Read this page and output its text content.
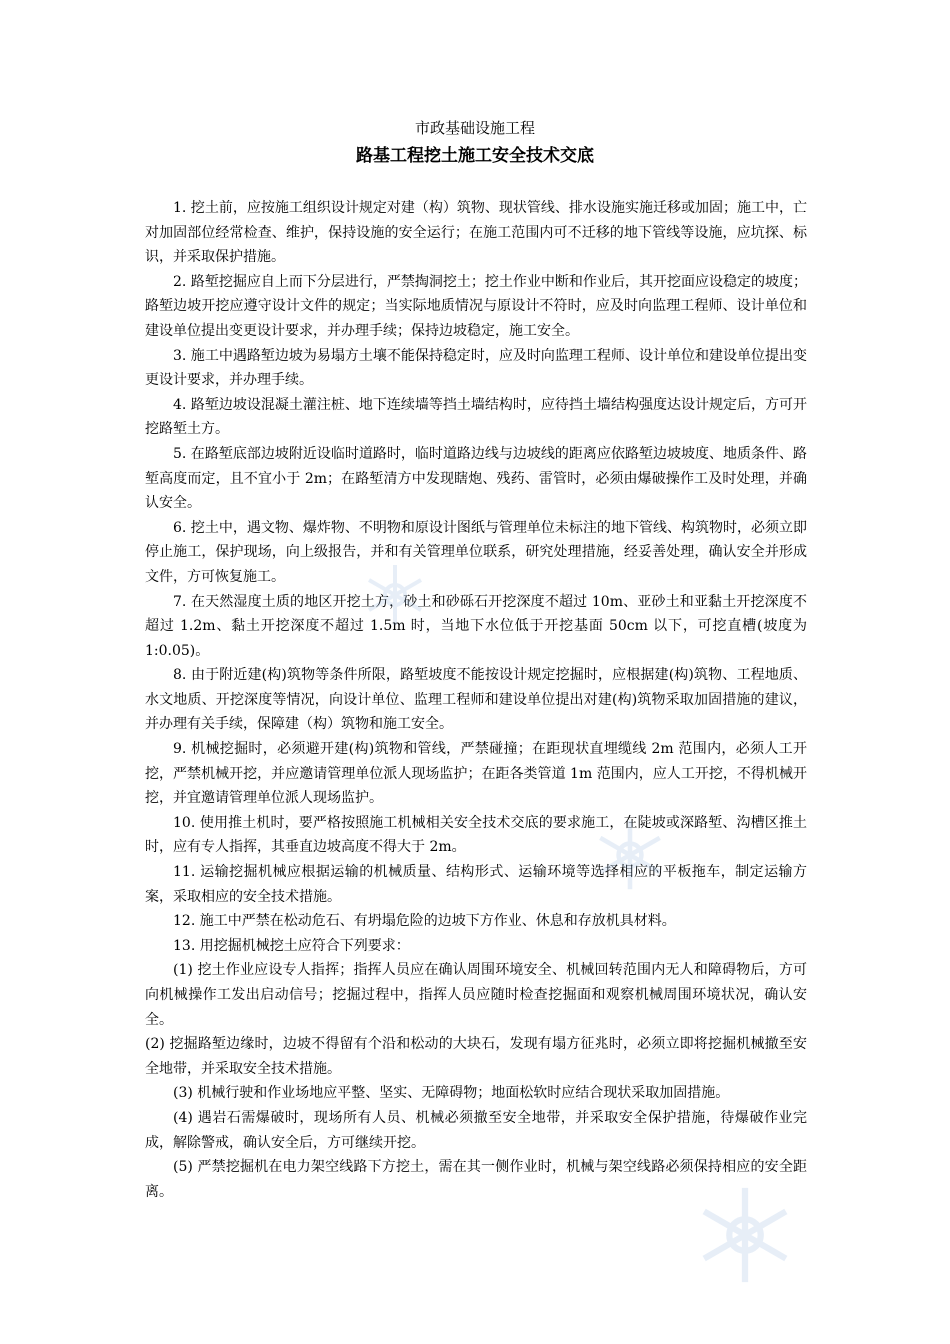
市政基础设施工程
路基工程挖土施工安全技术交底

1. 挖土前，应按施工组织设计规定对建（构）筑物、现状管线、排水设施实施迁移或加固；施工中，亡对加固部位经常检查、维护，保持设施的安全运行；在施工范围内可不迁移的地下管线等设施，应坑探、标识，并采取保护措施。

2. 路堑挖掘应自上而下分层进行，严禁掏洞挖土；挖土作业中断和作业后，其开挖面应设稳定的坡度；路堑边坡开挖应遵守设计文件的规定；当实际地质情况与原设计不符时，应及时向监理工程师、设计单位和建设单位提出变更设计要求，并办理手续；保持边坡稳定，施工安全。

3. 施工中遇路堑边坡为易塌方土壤不能保持稳定时，应及时向监理工程师、设计单位和建设单位提出变更设计要求，并办理手续。

4. 路堑边坡设混凝土灌注桩、地下连续墙等挡土墙结构时，应待挡土墙结构强度达设计规定后，方可开挖路堑土方。

5. 在路堑底部边坡附近设临时道路时，临时道路边线与边坡线的距离应依路堑边坡坡度、地质条件、路堑高度而定，且不宜小于 2m；在路堑清方中发现瞎炮、残药、雷管时，必须由爆破操作工及时处理，并确认安全。

6. 挖土中，遇文物、爆炸物、不明物和原设计图纸与管理单位未标注的地下管线、构筑物时，必须立即停止施工，保护现场，向上级报告，并和有关管理单位联系，研究处理措施，经妥善处理，确认安全并形成文件，方可恢复施工。

7. 在天然湿度土质的地区开挖土方，砂土和砂砾石开挖深度不超过 10m、亚砂土和亚黏土开挖深度不超过 1.2m、黏土开挖深度不超过 1.5m 时，当地下水位低于开挖基面 50cm 以下，可挖直槽(坡度为 1:0.05)。

8. 由于附近建(构)筑物等条件所限，路堑坡度不能按设计规定挖掘时，应根据建(构)筑物、工程地质、水文地质、开挖深度等情况，向设计单位、监理工程师和建设单位提出对建(构)筑物采取加固措施的建议，并办理有关手续，保障建（构）筑物和施工安全。

9. 机械挖掘时，必须避开建(构)筑物和管线，严禁碰撞；在距现状直埋缆线 2m 范围内，必须人工开挖，严禁机械开挖，并应邀请管理单位派人现场监护；在距各类管道 1m 范围内，应人工开挖，不得机械开挖，并宜邀请管理单位派人现场监护。

10. 使用推土机时，要严格按照施工机械相关安全技术交底的要求施工，在陡坡或深路堑、沟槽区推土时，应有专人指挥，其垂直边坡高度不得大于 2m。

11. 运输挖掘机械应根据运输的机械质量、结构形式、运输环境等选择相应的平板拖车，制定运输方案，采取相应的安全技术措施。

12. 施工中严禁在松动危石、有坍塌危险的边坡下方作业、休息和存放机具材料。

13. 用挖掘机械挖土应符合下列要求：

(1) 挖土作业应设专人指挥；指挥人员应在确认周围环境安全、机械回转范围内无人和障碍物后，方可向机械操作工发出启动信号；挖掘过程中，指挥人员应随时检查挖掘面和观察机械周围环境状况，确认安全。

(2) 挖掘路堑边缘时，边坡不得留有个沿和松动的大块石，发现有塌方征兆时，必须立即将挖掘机械撤至安全地带，并采取安全技术措施。

(3) 机械行驶和作业场地应平整、坚实、无障碍物；地面松软时应结合现状采取加固措施。

(4) 遇岩石需爆破时，现场所有人员、机械必须撤至安全地带，并采取安全保护措施，待爆破作业完成，解除警戒，确认安全后，方可继续开挖。

(5) 严禁挖掘机在电力架空线路下方挖土，需在其一侧作业时，机械与架空线路必须保持相应的安全距离。
